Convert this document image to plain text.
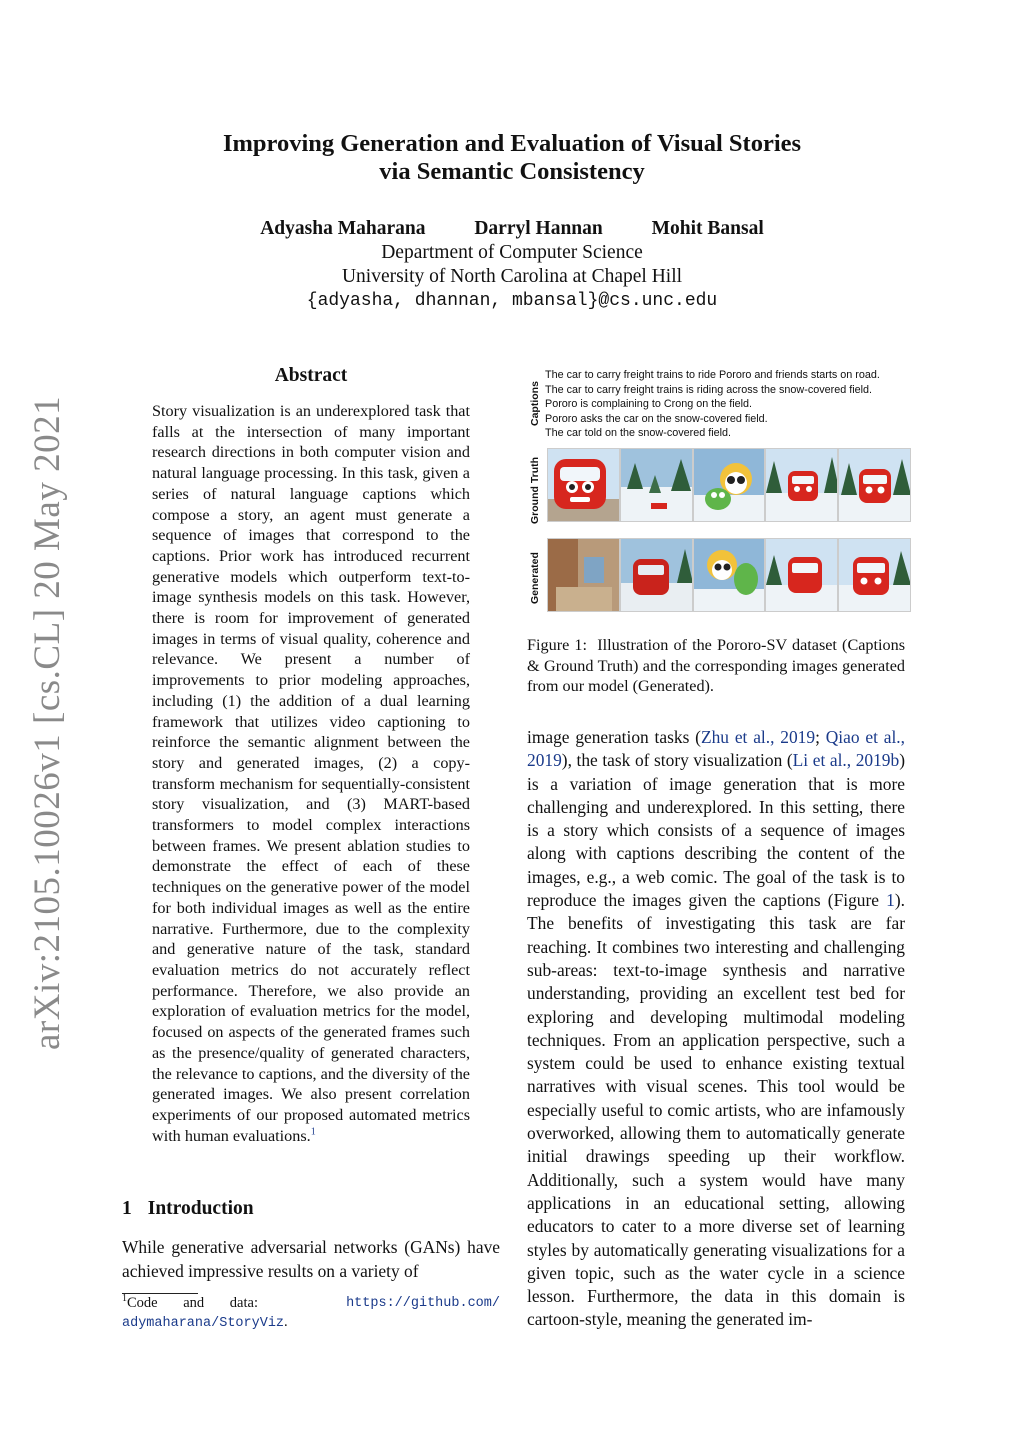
arXiv:2105.10026v1 [cs.CL] 20 May 2021
Improving Generation and Evaluation of Visual Stories
via Semantic Consistency
Adyasha Maharana	Darryl Hannan	Mohit Bansal
Department of Computer Science
University of North Carolina at Chapel Hill
{adyasha, dhannan, mbansal}@cs.unc.edu
Abstract
Story visualization is an underexplored task that falls at the intersection of many important research directions in both computer vision and natural language processing. In this task, given a series of natural language captions which compose a story, an agent must generate a sequence of images that correspond to the captions. Prior work has introduced recurrent generative models which outperform text-to-image synthesis models on this task. However, there is room for improvement of generated images in terms of visual quality, coherence and relevance. We present a number of improvements to prior modeling approaches, including (1) the addition of a dual learning framework that utilizes video captioning to reinforce the semantic alignment between the story and generated images, (2) a copy-transform mechanism for sequentially-consistent story visualization, and (3) MART-based transformers to model complex interactions between frames. We present ablation studies to demonstrate the effect of each of these techniques on the generative power of the model for both individual images as well as the entire narrative. Furthermore, due to the complexity and generative nature of the task, standard evaluation metrics do not accurately reflect performance. Therefore, we also provide an exploration of evaluation metrics for the model, focused on aspects of the generated frames such as the presence/quality of generated characters, the relevance to captions, and the diversity of the generated images. We also present correlation experiments of our proposed automated metrics with human evaluations.$^1$
1 Introduction
While generative adversarial networks (GANs) have achieved impressive results on a variety of
$^1$Code and data:	https://github.com/

adymaharana/StoryViz.
Captions
The car to carry freight trains to ride Pororo and friends starts on road.
The car to carry freight trains is riding across the snow-covered field.
Pororo is complaining to Crong on the field.
Pororo asks the car on the snow-covered field.
The car told on the snow-covered field.
Ground Truth
Generated
Figure 1: Illustration of the Pororo-SV dataset (Captions & Ground Truth) and the corresponding images generated from our model (Generated).
image generation tasks (Zhu et al., 2019; Qiao et al., 2019), the task of story visualization (Li et al., 2019b) is a variation of image generation that is more challenging and underexplored. In this setting, there is a story which consists of a sequence of images along with captions describing the content of the images, e.g., a web comic. The goal of the task is to reproduce the images given the captions (Figure 1). The benefits of investigating this task are far reaching. It combines two interesting and challenging sub-areas: text-to-image synthesis and narrative understanding, providing an excellent test bed for exploring and developing multimodal modeling techniques. From an application perspective, such a system could be used to enhance existing textual narratives with visual scenes. This tool would be especially useful to comic artists, who are infamously overworked, allowing them to automatically generate initial drawings speeding up their workflow. Additionally, such a system would have many applications in an educational setting, allowing educators to cater to a more diverse set of learning styles by automatically generating visualizations for a given topic, such as the water cycle in a science lesson. Furthermore, the data in this domain is cartoon-style, meaning the generated im-
